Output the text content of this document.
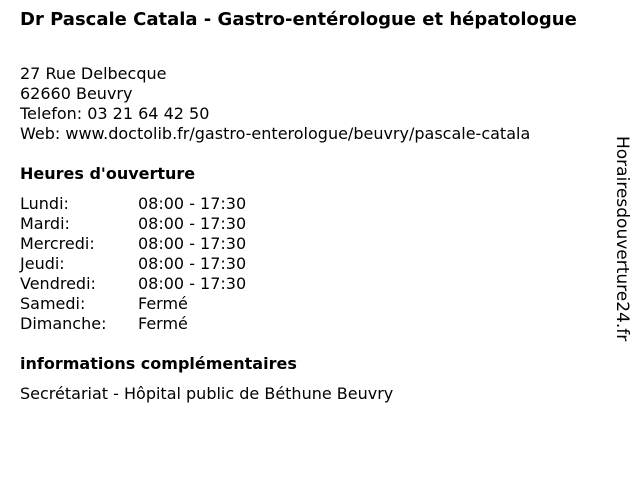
Dr Pascale Catala - Gastro-entérologue et hépatologue
27 Rue Delbecque
62660 Beuvry
Telefon: 03 21 64 42 50
Web: www.doctolib.fr/gastro-enterologue/beuvry/pascale-catala
Heures d'ouverture
Lundi:	08:00 - 17:30
Mardi:	08:00 - 17:30
Mercredi:	08:00 - 17:30
Jeudi:	08:00 - 17:30
Vendredi:	08:00 - 17:30
Samedi:	Fermé
Dimanche:	Fermé
informations complémentaires
Secrétariat - Hôpital public de Béthune Beuvry
Horairesdouverture24.fr
